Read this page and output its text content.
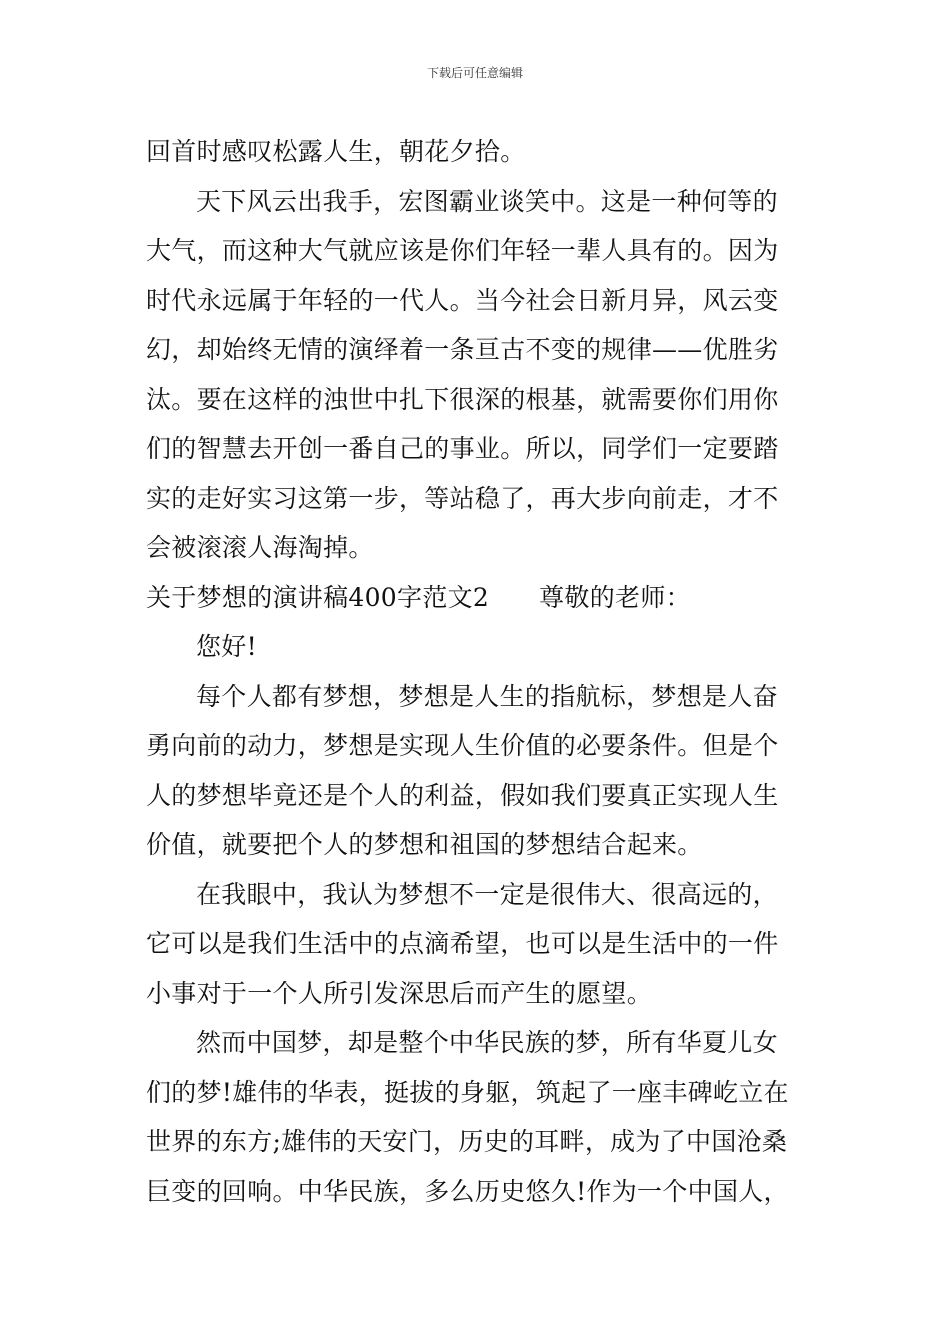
下载后可任意编辑
回首时感叹松露人生，朝花夕拾。
天下风云出我手，宏图霸业谈笑中。这是一种何等的
大气，而这种大气就应该是你们年轻一辈人具有的。因为
时代永远属于年轻的一代人。当今社会日新月异，风云变
幻，却始终无情的演绎着一条亘古不变的规律——优胜劣
汰。要在这样的浊世中扎下很深的根基，就需要你们用你
们的智慧去开创一番自己的事业。所以，同学们一定要踏
实的走好实习这第一步，等站稳了，再大步向前走，才不
会被滚滚人海淘掉。
关于梦想的演讲稿400字范文2 尊敬的老师：
您好!
每个人都有梦想，梦想是人生的指航标，梦想是人奋
勇向前的动力，梦想是实现人生价值的必要条件。但是个
人的梦想毕竟还是个人的利益，假如我们要真正实现人生
价值，就要把个人的梦想和祖国的梦想结合起来。
在我眼中，我认为梦想不一定是很伟大、很高远的，
它可以是我们生活中的点滴希望，也可以是生活中的一件
小事对于一个人所引发深思后而产生的愿望。
然而中国梦，却是整个中华民族的梦，所有华夏儿女
们的梦!雄伟的华表，挺拔的身躯，筑起了一座丰碑屹立在
世界的东方;雄伟的天安门，历史的耳畔，成为了中国沧桑
巨变的回响。中华民族，多么历史悠久!作为一个中国人，
